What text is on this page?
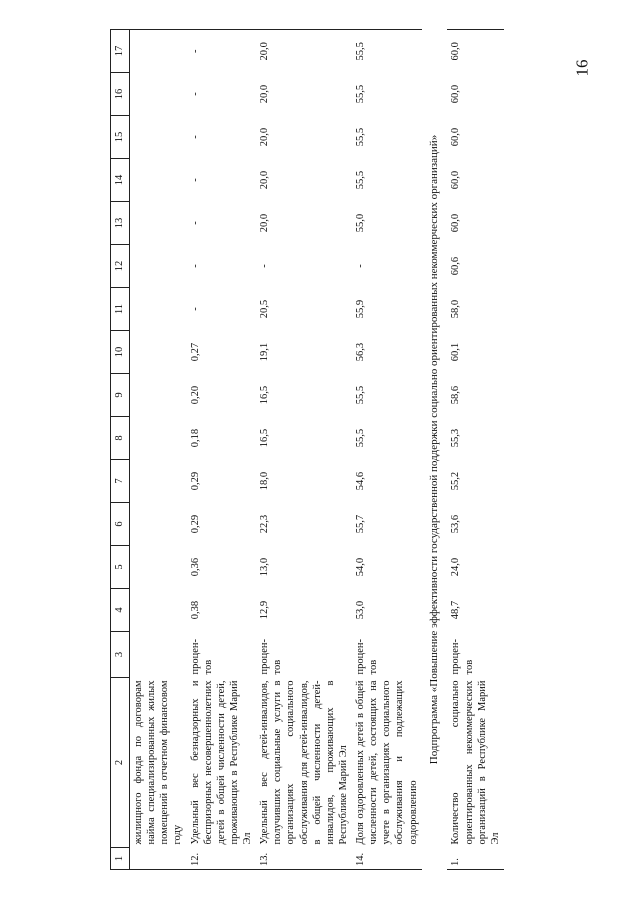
16
1	2	3	4	5	6	7	8	9	10	11	12	13	14	15	16	17
	жилищного фонда по договорам найма специализированных жилых помещений в отчетном финансовом году															
12.	Удельный вес безнадзорных и беспризорных несовершеннолетних детей в общей численности детей, проживающих в Республике Марий Эл	процен-тов	0,38	0,36	0,29	0,29	0,18	0,20	0,27	-	-	-	-	-	-	-
13.	Удельный вес детей-инвалидов, получивших социальные услуги в организациях социального обслуживания для детей-инвалидов, в общей численности детей-инвалидов, проживающих в Республике Марий Эл	процен-тов	12,9	13,0	22,3	18,0	16,5	16,5	19,1	20,5	-	20,0	20,0	20,0	20,0	20,0
14.	Доля оздоровленных детей в общей численности детей, состоящих на учете в организациях социального обслуживания и подлежащих оздоровлению	процен-тов	53,0	54,0	55,7	54,6	55,5	55,5	56,3	55,9	-	55,0	55,5	55,5	55,5	55,5
Подпрограмма «Повышение эффективности государственной поддержки социально ориентированных некоммерческих организаций»																
1.	Количество социально ориентированных некоммерческих организаций в Республике Марий Эл	процен-тов	48,7	24,0	53,6	55,2	55,3	58,6	60,1	58,0	60,6	60,0	60,0	60,0	60,0	60,0
